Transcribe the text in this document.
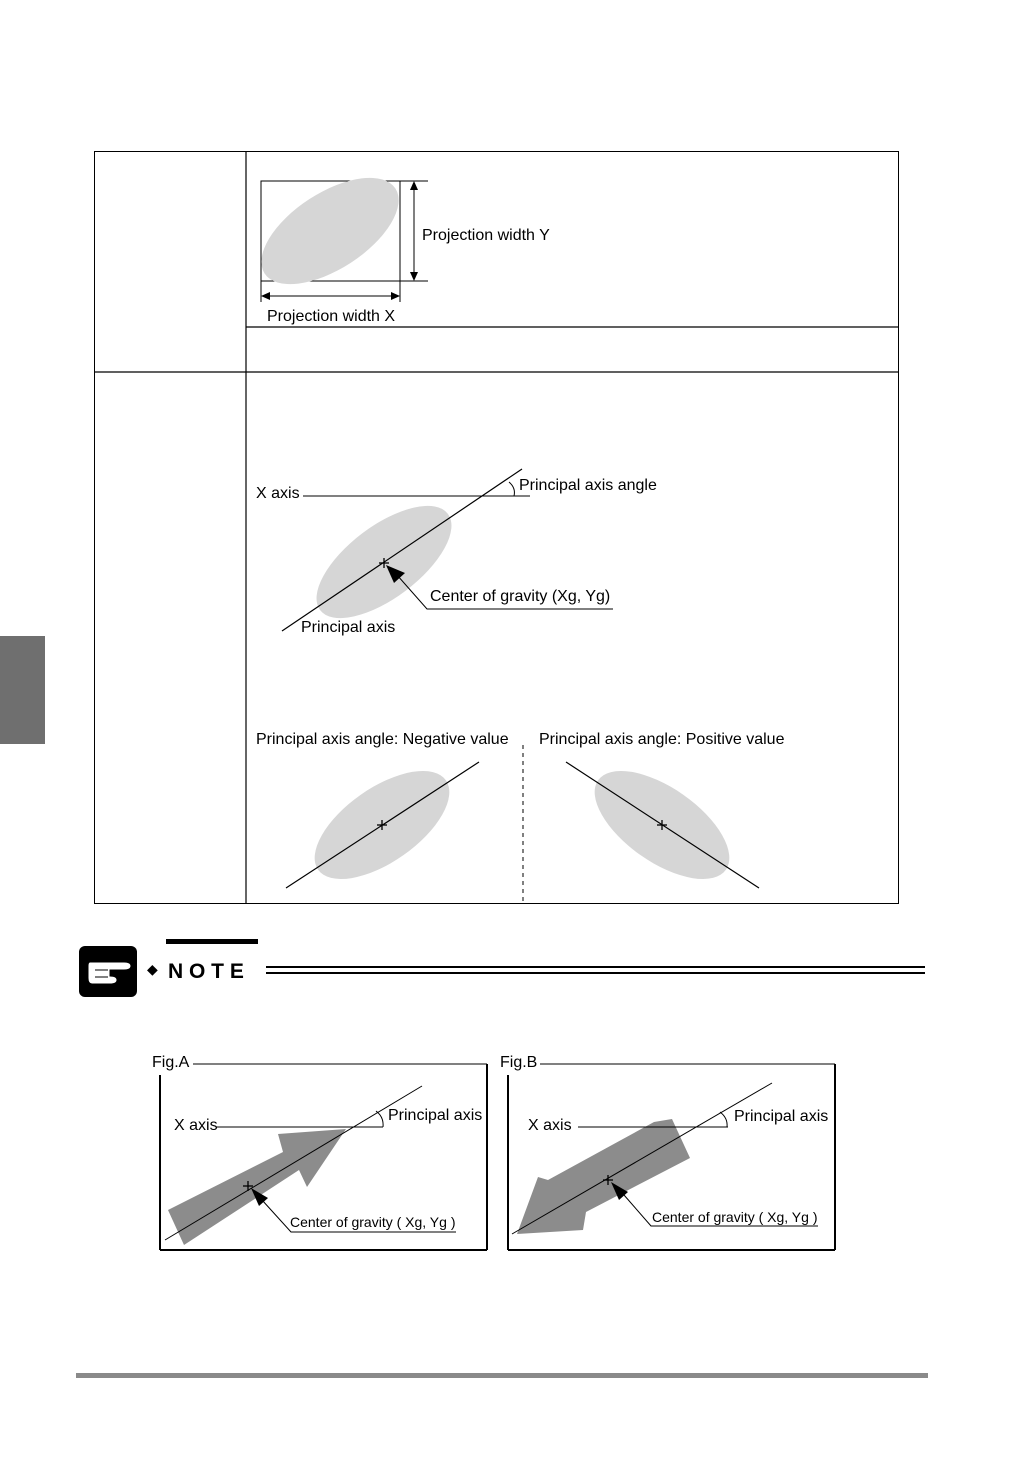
Projection width Y
Projection width X
X axis	Principal axis angle
Center of gravity (Xg, Yg)
Principal axis
Principal axis angle: Negative value Principal axis angle: Positive value
◆ N O T E
Fig.A
X axis
Principal axis
Center of gravity ( Xg, Yg )
Fig.B
X axis
Principal axis
Center of gravity ( Xg, Yg )
